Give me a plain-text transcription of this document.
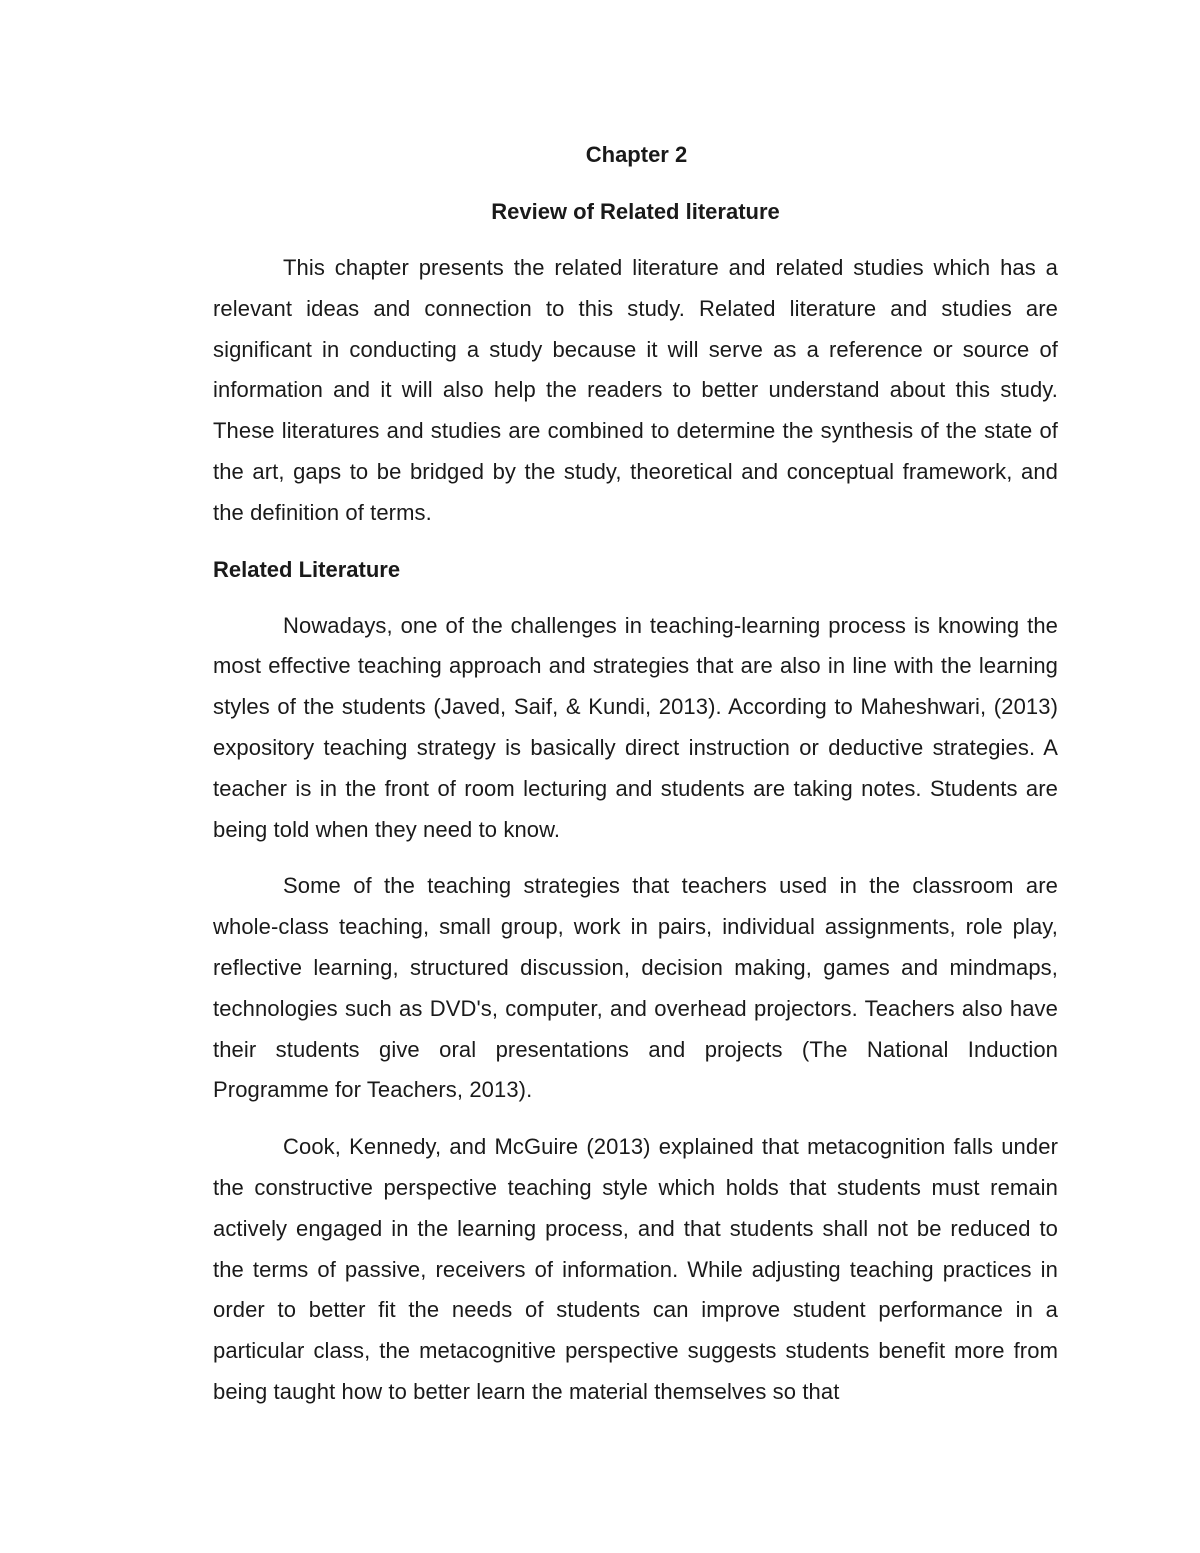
Chapter 2
Review of Related literature

This chapter presents the related literature and related studies which has a relevant ideas and connection to this study. Related literature and studies are significant in conducting a study because it will serve as a reference or source of information and it will also help the readers to better understand about this study. These literatures and studies are combined to determine the synthesis of the state of the art, gaps to be bridged by the study, theoretical and conceptual framework, and the definition of terms.

Related Literature

Nowadays, one of the challenges in teaching-learning process is knowing the most effective teaching approach and strategies that are also in line with the learning styles of the students (Javed, Saif, & Kundi, 2013). According to Maheshwari, (2013) expository teaching strategy is basically direct instruction or deductive strategies. A teacher is in the front of room lecturing and students are taking notes. Students are being told when they need to know.

Some of the teaching strategies that teachers used in the classroom are whole-class teaching, small group, work in pairs, individual assignments, role play, reflective learning, structured discussion, decision making, games and mindmaps, technologies such as DVD's, computer, and overhead projectors. Teachers also have their students give oral presentations and projects (The National Induction Programme for Teachers, 2013).

Cook, Kennedy, and McGuire (2013) explained that metacognition falls under the constructive perspective teaching style which holds that students must remain actively engaged in the learning process, and that students shall not be reduced to the terms of passive, receivers of information. While adjusting teaching practices in order to better fit the needs of students can improve student performance in a particular class, the metacognitive perspective suggests students benefit more from being taught how to better learn the material themselves so that
